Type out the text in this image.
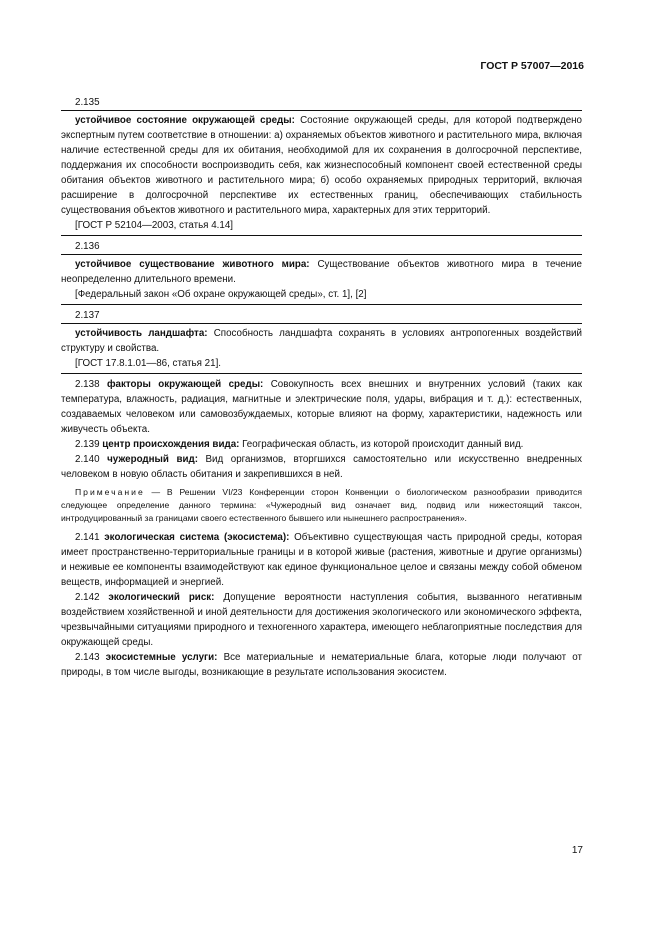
ГОСТ Р 57007—2016
2.135

устойчивое состояние окружающей среды: Состояние окружающей среды, для которой подтверждено экспертным путем соответствие в отношении: а) охраняемых объектов животного и растительного мира, включая наличие естественной среды для их обитания, необходимой для их сохранения в долгосрочной перспективе, поддержания их способности воспроизводить себя, как жизнеспособный компонент своей естественной среды обитания объектов животного и растительного мира; б) особо охраняемых природных территорий, включая расширение в долгосрочной перспективе их естественных границ, обеспечивающих стабильность существования объектов животного и растительного мира, характерных для этих территорий.

[ГОСТ Р 52104—2003, статья 4.14]

2.136

устойчивое существование животного мира: Существование объектов животного мира в течение неопределенно длительного времени.

[Федеральный закон «Об охране окружающей среды», ст. 1], [2]

2.137

устойчивость ландшафта: Способность ландшафта сохранять в условиях антропогенных воздействий структуру и свойства.

[ГОСТ 17.8.1.01—86, статья 21].

2.138 факторы окружающей среды: Совокупность всех внешних и внутренних условий (таких как температура, влажность, радиация, магнитные и электрические поля, удары, вибрация и т. д.): естественных, создаваемых человеком или самовозбуждаемых, которые влияют на форму, характеристики, надежность или живучесть объекта.

2.139 центр происхождения вида: Географическая область, из которой происходит данный вид.

2.140 чужеродный вид: Вид организмов, вторгшихся самостоятельно или искусственно внедренных человеком в новую область обитания и закрепившихся в ней.

Примечание — В Решении VI/23 Конференции сторон Конвенции о биологическом разнообразии приводится следующее определение данного термина: «Чужеродный вид означает вид, подвид или нижестоящий таксон, интродуцированный за границами своего естественного бывшего или нынешнего распространения».

2.141 экологическая система (экосистема): Объективно существующая часть природной среды, которая имеет пространственно-территориальные границы и в которой живые (растения, животные и другие организмы) и неживые ее компоненты взаимодействуют как единое функциональное целое и связаны между собой обменом веществ, информацией и энергией.

2.142 экологический риск: Допущение вероятности наступления события, вызванного негативным воздействием хозяйственной и иной деятельности для достижения экологического или экономического эффекта, чрезвычайными ситуациями природного и техногенного характера, имеющего неблагоприятные последствия для окружающей среды.

2.143 экосистемные услуги: Все материальные и нематериальные блага, которые люди получают от природы, в том числе выгоды, возникающие в результате использования экосистем.

17
